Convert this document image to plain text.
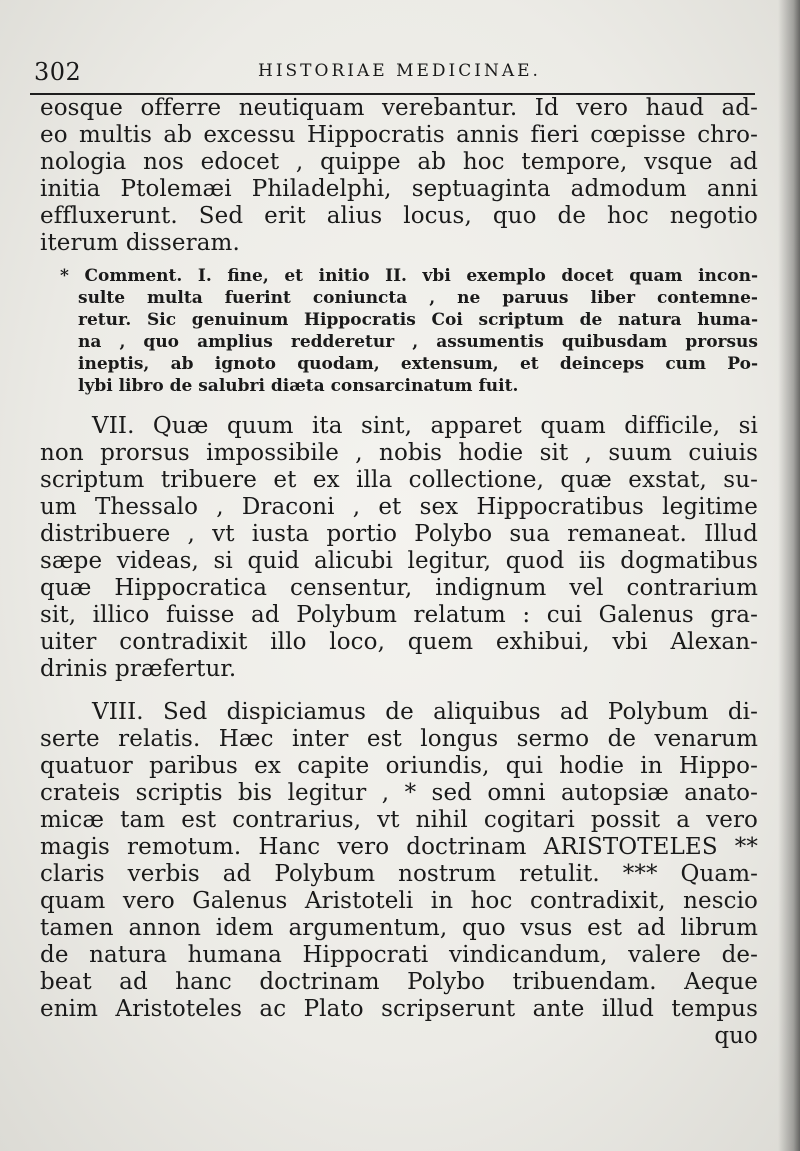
302	HISTORIAE MEDICINAE.
eosque offerre neutiquam verebantur. Id vero haud ad-
eo multis ab excessu Hippocratis annis fieri cœpisse chro-
nologia nos edocet , quippe ab hoc tempore, vsque ad
initia Ptolemæi Philadelphi, septuaginta admodum anni
effluxerunt. Sed erit alius locus, quo de hoc negotio
iterum disseram.
* Comment. I. fine, et initio II. vbi exemplo docet quam incon-
sulte multa fuerint coniuncta , ne paruus liber contemne-
retur. Sic genuinum Hippocratis Coi scriptum de natura huma-
na , quo amplius redderetur , assumentis quibusdam prorsus
ineptis, ab ignoto quodam, extensum, et deinceps cum Po-
lybi libro de salubri diæta consarcinatum fuit.
VII. Quæ quum ita sint, apparet quam difficile, si
non prorsus impossibile , nobis hodie sit , suum cuiuis
scriptum tribuere et ex illa collectione, quæ exstat, su-
um Thessalo , Draconi , et sex Hippocratibus legitime
distribuere , vt iusta portio Polybo sua remaneat. Illud
sæpe videas, si quid alicubi legitur, quod iis dogmatibus
quæ Hippocratica censentur, indignum vel contrarium
sit, illico fuisse ad Polybum relatum : cui Galenus gra-
uiter contradixit illo loco, quem exhibui, vbi Alexan-
drinis præfertur.
VIII. Sed dispiciamus de aliquibus ad Polybum di-
serte relatis. Hæc inter est longus sermo de venarum
quatuor paribus ex capite oriundis, qui hodie in Hippo-
crateis scriptis bis legitur , * sed omni autopsiæ anato-
micæ tam est contrarius, vt nihil cogitari possit a vero
magis remotum. Hanc vero doctrinam ARISTOTELES **
claris verbis ad Polybum nostrum retulit. *** Quam-
quam vero Galenus Aristoteli in hoc contradixit, nescio
tamen annon idem argumentum, quo vsus est ad librum
de natura humana Hippocrati vindicandum, valere de-
beat ad hanc doctrinam Polybo tribuendam. Aeque
enim Aristoteles ac Plato scripserunt ante illud tempus
quo
